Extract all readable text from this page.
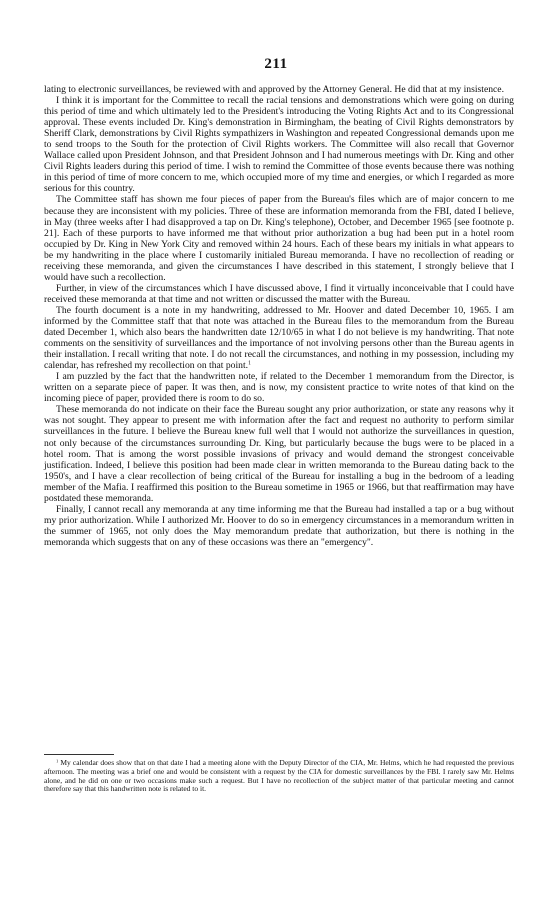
211

lating to electronic surveillances, be reviewed with and approved by the Attorney General. He did that at my insistence.

I think it is important for the Committee to recall the racial tensions and demonstrations which were going on during this period of time and which ultimately led to the President's introducing the Voting Rights Act and to its Congressional approval. These events included Dr. King's demonstration in Birmingham, the beating of Civil Rights demonstrators by Sheriff Clark, demonstrations by Civil Rights sympathizers in Washington and repeated Congressional demands upon me to send troops to the South for the protection of Civil Rights workers. The Committee will also recall that Governor Wallace called upon President Johnson, and that President Johnson and I had numerous meetings with Dr. King and other Civil Rights leaders during this period of time. I wish to remind the Committee of those events because there was nothing in this period of time of more concern to me, which occupied more of my time and energies, or which I regarded as more serious for this country.

The Committee staff has shown me four pieces of paper from the Bureau's files which are of major concern to me because they are inconsistent with my policies. Three of these are information memoranda from the FBI, dated I believe, in May (three weeks after I had disapproved a tap on Dr. King's telephone), October, and December 1965 [see footnote p. 21]. Each of these purports to have informed me that without prior authorization a bug had been put in a hotel room occupied by Dr. King in New York City and removed within 24 hours. Each of these bears my initials in what appears to be my handwriting in the place where I customarily initialed Bureau memoranda. I have no recollection of reading or receiving these memoranda, and given the circumstances I have described in this statement, I strongly believe that I would have such a recollection.

Further, in view of the circumstances which I have discussed above, I find it virtually inconceivable that I could have received these memoranda at that time and not written or discussed the matter with the Bureau.

The fourth document is a note in my handwriting, addressed to Mr. Hoover and dated December 10, 1965. I am informed by the Committee staff that that note was attached in the Bureau files to the memorandum from the Bureau dated December 1, which also bears the handwritten date 12/10/65 in what I do not believe is my handwriting. That note comments on the sensitivity of surveillances and the importance of not involving persons other than the Bureau agents in their installation. I recall writing that note. I do not recall the circumstances, and nothing in my possession, including my calendar, has refreshed my recollection on that point.$^1$

I am puzzled by the fact that the handwritten note, if related to the December 1 memorandum from the Director, is written on a separate piece of paper. It was then, and is now, my consistent practice to write notes of that kind on the incoming piece of paper, provided there is room to do so.

These memoranda do not indicate on their face the Bureau sought any prior authorization, or state any reasons why it was not sought. They appear to present me with information after the fact and request no authority to perform similar surveillances in the future. I believe the Bureau knew full well that I would not authorize the surveillances in question, not only because of the circumstances surrounding Dr. King, but particularly because the bugs were to be placed in a hotel room. That is among the worst possible invasions of privacy and would demand the strongest conceivable justification. Indeed, I believe this position had been made clear in written memoranda to the Bureau dating back to the 1950's, and I have a clear recollection of being critical of the Bureau for installing a bug in the bedroom of a leading member of the Mafia. I reaffirmed this position to the Bureau sometime in 1965 or 1966, but that reaffirmation may have postdated these memoranda.

Finally, I cannot recall any memoranda at any time informing me that the Bureau had installed a tap or a bug without my prior authorization. While I authorized Mr. Hoover to do so in emergency circumstances in a memorandum written in the summer of 1965, not only does the May memorandum predate that authorization, but there is nothing in the memoranda which suggests that on any of these occasions was there an "emergency".

$^1$ My calendar does show that on that date I had a meeting alone with the Deputy Director of the CIA, Mr. Helms, which he had requested the previous afternoon. The meeting was a brief one and would be consistent with a request by the CIA for domestic surveillances by the FBI. I rarely saw Mr. Helms alone, and he did on one or two occasions make such a request. But I have no recollection of the subject matter of that particular meeting and cannot therefore say that this handwritten note is related to it.
